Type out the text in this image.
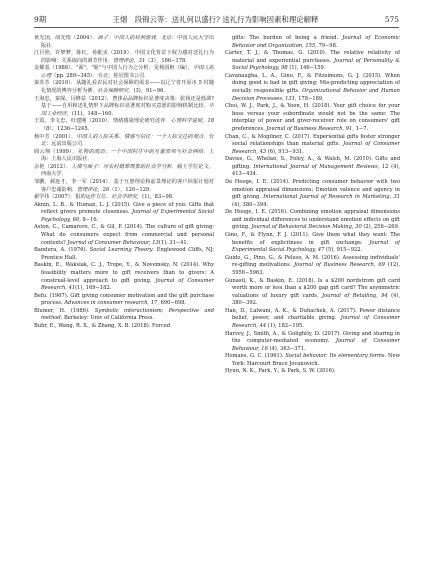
9期	王烟　段锦云等：送礼何以盛行? 送礼行为影响因素和理论解释	575
黄光国，胡先缙（2004）．面子：中国人的权利游戏．北京：中国人民大学出版社．
江巨艳，许梦梦，陈红，孙配贞（2019）．中国文化背景下权力感对送礼行为的影响：关系取向的调节作用．管理评论，31（3），166−178．
金耀基（1988）．"面"、"耻"与中国人行为之分析．见杨国枢（编），中国人的心理（pp. 289−345）．台北：桂冠图书公司．
秦苏芳（2010）．从随礼看农民对社会保障的需求——以辽宁省开原市 5 村随礼情况的博弈分析为例．社会保障研究，(3)，91−96．
王海忠，秦琛，闫修益（2012）．奢侈品品牌标识显著度决策：张扬还是低调? 基于——自用和送礼情形下品牌标识显著度对购买意愿的影响机制比较．中国工业经济，(11)，148−160．
王霞，李文忠，杜建刚（2010）．情绪感染理论研究述评．心理科学进展，18（8），1236−1245．
杨中芳（2001）．中国人的人际关系、情感与信任：一个人际交往的观点．台北：远流出版公司．
阎云翔（1999）．礼物的流动：一个中国村庄中的互惠原则与社会网络．上海：上海人民出版社．
余艳（2012）．人情与面子：对农村婚葬现象的社会学分析．硕士学位论文．西南大学．
邹鹏，郝连才，李一军（2014）．基于互惠理论和前景理论的客户回报计划对客户忠诚影响．管理评论，26（1），120−129．
翟学伟（2007）．报的运作方位．社会学研究，(1)，83−98．
Aknin, L. B., & Human, L. J. (2015). Give a piece of you: Gifts that reflect givers promote closeness. Journal of Experimental Social Psychology, 60, 8−16.
Aston, C., Camarero, C., & Gil, F. (2014). The culture of gift giving: What do consumers expect from commercial and personal contexts? Journal of Consumer Behaviour, 13(1), 31−41.
Bandura, A. (1976). Social Learning Theory. Englewood Cliffs, NJ: Prentice Hall.
Baskin, E., Wakslak, C. J., Trope, Y., & Novemsky, N. (2014). Why feasibility matters more to gift receivers than to givers: A construal-level approach to gift giving. Journal of Consumer Research, 41(1), 169−182.
Befu. (1967). Gift giving consumer motivation and the gift purchase process. Advances in consumer research, 17, 690−698.
Blumer, H. (1986). Symbolic interactionism; Perspective and method. Berkeley: Univ of California Press.
Buhr, E., Wang, R. X., & Zhang, X. B. (2018). Forced
gifts: The burden of being a friend. Journal of Economic Behavior and Organization, 155, 79−98.
Carter, T. J., & Thomas, G. (2010). The relative relativity of material and experiential purchases. Journal of Personality & Social Psychology, 98 (1), 146−159.
Cavanaugha, L. A., Gino, F., & Fitzsimons, G. J. (2015). When doing good is bad in gift giving: Mis-predicting appreciation of socially responsible gifts. Organizational Behavior and Human Decision Processes, 131, 178−189.
Choi, W. J., Park, J., & Yoon, H. (2018). Your gift choice for your boss versus your subordinate would not be the same: The interplay of power and giver-receiver role on consumers' gift preferences. Journal of Business Research, 91, 1−7.
Chan, C., & Mogilner, C. (2017). Experiential gifts foster stronger social relationships than material gifts. Journal of Consumer Research, 43 (6), 913−931.
Davies, G., Whelan, S., Foley, A., & Walsh, M. (2010). Gifts and gifting. International Journal of Management Reviews, 12 (4), 413−434.
De Hooge, I. E. (2014). Predicting consumer behavior with two emotion appraisal dimensions; Emotion valence and agency in gift giving. International Journal of Research in Marketing, 31 (4), 380−394.
De Hooge, I. E. (2016). Combining emotion appraisal dimensions and individual differences to understand emotion effects on gift giving. Journal of Behavioral Decision Making, 30 (2), 256−269.
Gino, F., & Flynn, F. J. (2011). Give them what they want: The benefits of explicitness in gift exchange. Journal of Experimental Social Psychology, 47 (5), 915−922.
Guido, G., Pino, G., & Peluso, A. M. (2016). Assessing individuals' re-gifting motivations. Journal of Business Research, 69 (12), 5956−5963.
Gunasti, K., & Baskin, E. (2018). Is a $200 nordstrom gift card worth more or less than a $200 gap gift card? The asymmetric valuations of luxury gift cards. Journal of Retailing, 94 (4), 380−392.
Han, D., Lalwani, A. K., & Duhachek, A. (2017). Power distance belief, power, and charitable giving. Journal of Consumer Research, 44 (1), 182−195.
Harvey, J., Smith, A., & Golightly, D. (2017). Giving and sharing in the computer-mediated economy. Journal of Consumer Behaviour, 16 (4), 363−371.
Homans, G. C. (1961). Social behavior: Its elementary forms. New York: Harcourt Brace Jovanovich.
Hyun, N. K., Park, Y., & Park, S. W. (2016).
